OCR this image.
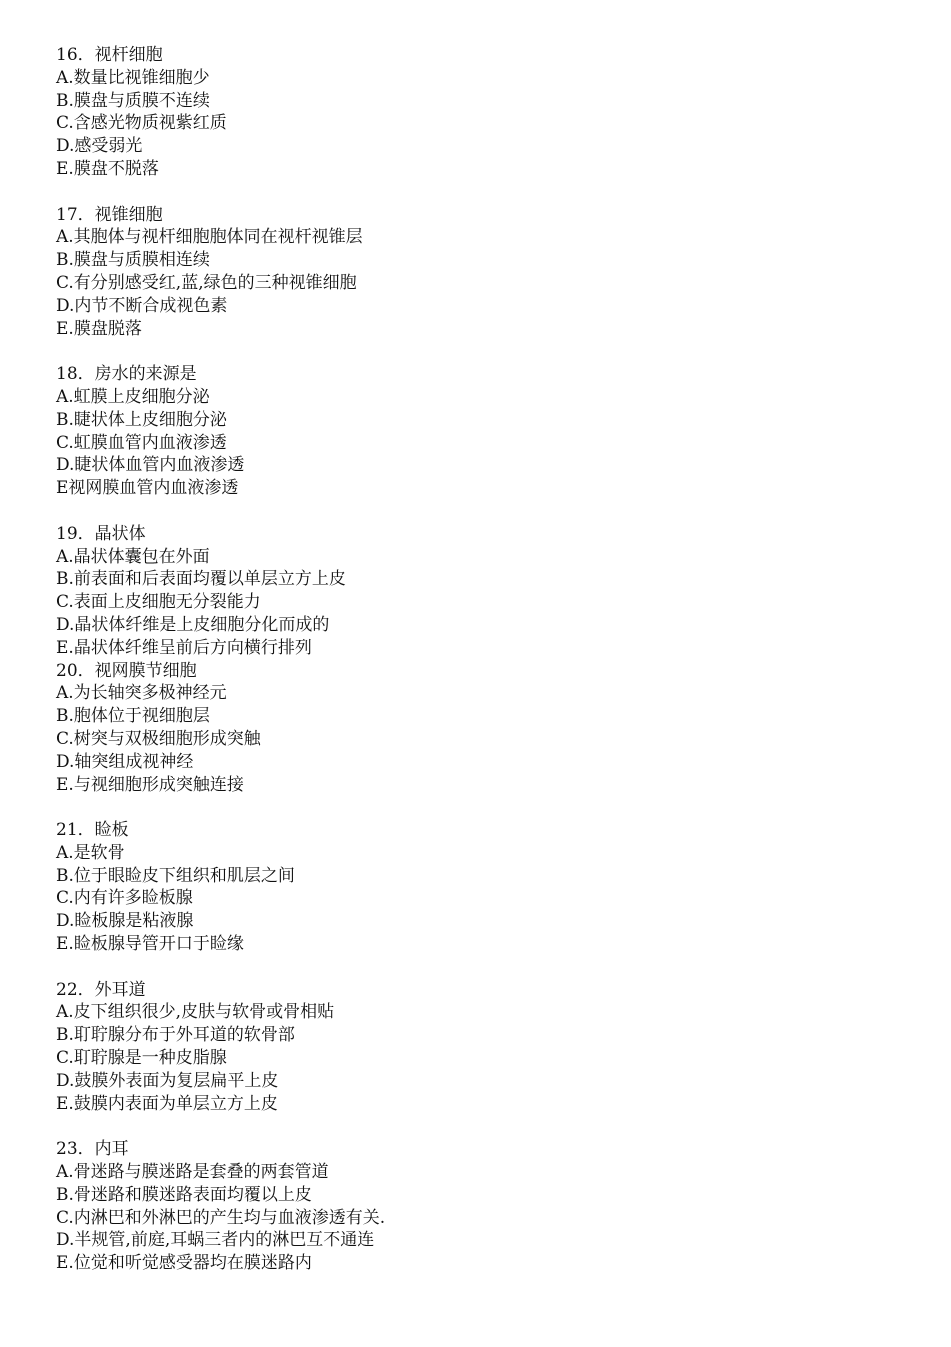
16．视杆细胞
A.数量比视锥细胞少
B.膜盘与质膜不连续
C.含感光物质视紫红质
D.感受弱光
E.膜盘不脱落
17．视锥细胞
A.其胞体与视杆细胞胞体同在视杆视锥层
B.膜盘与质膜相连续
C.有分别感受红,蓝,绿色的三种视锥细胞
D.内节不断合成视色素
E.膜盘脱落
18．房水的来源是
A.虹膜上皮细胞分泌
B.睫状体上皮细胞分泌
C.虹膜血管内血液渗透
D.睫状体血管内血液渗透
E视网膜血管内血液渗透
19．晶状体
A.晶状体囊包在外面
B.前表面和后表面均覆以单层立方上皮
C.表面上皮细胞无分裂能力
D.晶状体纤维是上皮细胞分化而成的
E.晶状体纤维呈前后方向横行排列
20．视网膜节细胞
A.为长轴突多极神经元
B.胞体位于视细胞层
C.树突与双极细胞形成突触
D.轴突组成视神经
E.与视细胞形成突触连接
21．睑板
A.是软骨
B.位于眼睑皮下组织和肌层之间
C.内有许多睑板腺
D.睑板腺是粘液腺
E.睑板腺导管开口于睑缘
22．外耳道
A.皮下组织很少,皮肤与软骨或骨相贴
B.耵聍腺分布于外耳道的软骨部
C.耵聍腺是一种皮脂腺
D.鼓膜外表面为复层扁平上皮
E.鼓膜内表面为单层立方上皮
23．内耳
A.骨迷路与膜迷路是套叠的两套管道
B.骨迷路和膜迷路表面均覆以上皮
C.内淋巴和外淋巴的产生均与血液渗透有关.
D.半规管,前庭,耳蜗三者内的淋巴互不通连
E.位觉和听觉感受器均在膜迷路内
